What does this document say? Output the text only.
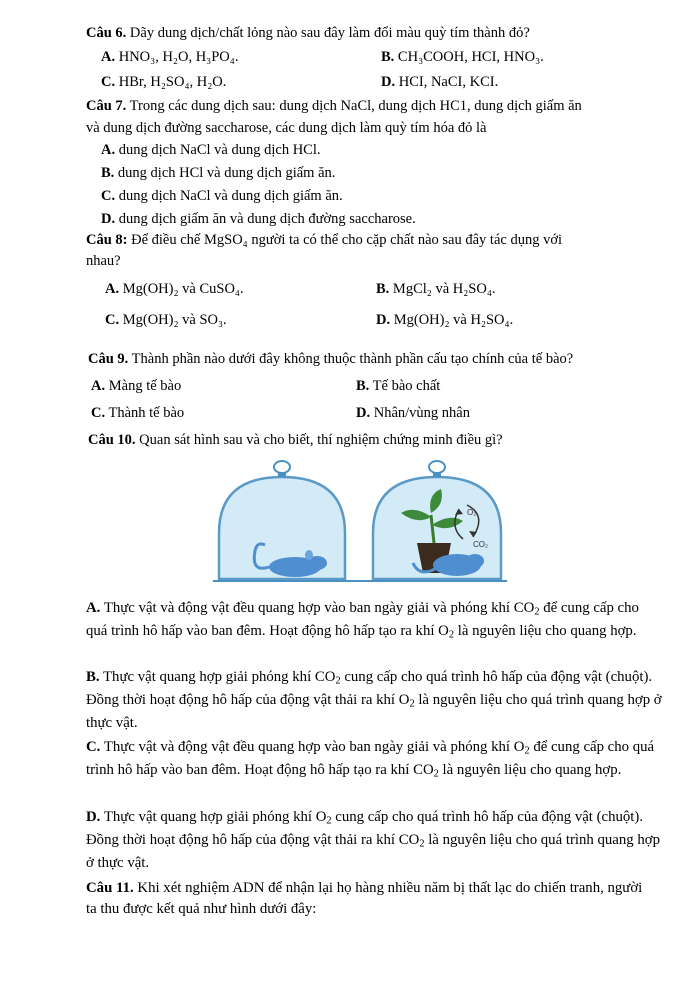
Câu 6. Dãy dung dịch/chất lỏng nào sau đây làm đổi màu quỳ tím thành đỏ?
A. HNO₃, H₂O, H₃PO₄.	B. CH₃COOH, HCI, HNO₃.
C. HBr, H₂SO₄, H₂O.	D. HCI, NaCI, KCI.
Câu 7. Trong các dung dịch sau: dung dịch NaCl, dung dịch HC1, dung dịch giấm ăn
và dung dịch đường saccharose, các dung dịch làm quỳ tím hóa đỏ là
A. dung dịch NaCl và dung dịch HCl.
B. dung dịch HCl và dung dịch giấm ăn.
C. dung dịch NaCl và dung dịch giấm ăn.
D. dung dịch giấm ăn và dung dịch đường saccharose.
Câu 8: Để điều chế MgSO₄ người ta có thể cho cặp chất nào sau đây tác dụng với
nhau?
A. Mg(OH)₂ và CuSO₄.	B. MgCl₂ và H₂SO₄.
C. Mg(OH)₂ và SO₃.	D. Mg(OH)₂ và H₂SO₄.
Câu 9. Thành phần nào dưới đây không thuộc thành phần cấu tạo chính của tế bào?
A. Màng tế bào	B. Tế bào chất
C. Thành tế bào	D. Nhân/vùng nhân
Câu 10. Quan sát hình sau và cho biết, thí nghiệm chứng minh điều gì?
O₂
CO₂
A. Thực vật và động vật đều quang hợp vào ban ngày giải và phóng khí $CO_2$ để cung cấp cho quá trình hô hấp vào ban đêm. Hoạt động hô hấp tạo ra khí $O_2$ là nguyên liệu cho quang hợp.
B. Thực vật quang hợp giải phóng khí $CO_2$ cung cấp cho quá trình hô hấp của động vật (chuột). Đồng thời hoạt động hô hấp của động vật thải ra khí $O_2$ là nguyên liệu cho quá trình quang hợp ở thực vật.
C. Thực vật và động vật đều quang hợp vào ban ngày giải và phóng khí $O_2$ để cung cấp cho quá trình hô hấp vào ban đêm. Hoạt động hô hấp tạo ra khí $CO_2$ là nguyên liệu cho quang hợp.
D. Thực vật quang hợp giải phóng khí $O_2$ cung cấp cho quá trình hô hấp của động vật (chuột). Đồng thời hoạt động hô hấp của động vật thải ra khí $CO_2$ là nguyên liệu cho quá trình quang hợp ở thực vật.
Câu 11. Khi xét nghiệm ADN để nhận lại họ hàng nhiều năm bị thất lạc do chiến tranh, người ta thu được kết quả như hình dưới đây:
